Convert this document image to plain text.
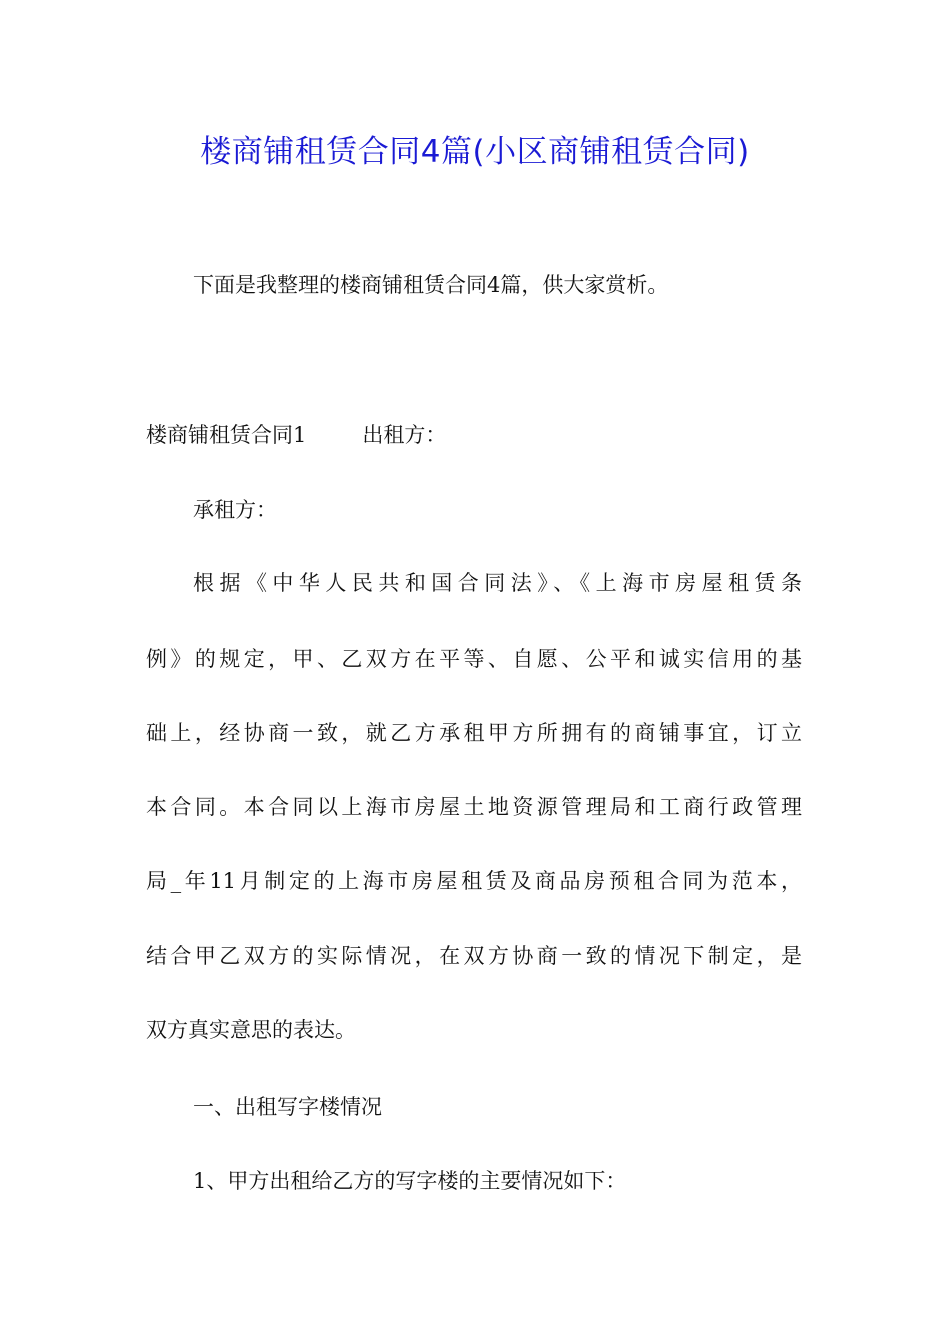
楼商铺租赁合同4篇(小区商铺租赁合同)
下面是我整理的楼商铺租赁合同4篇，供大家赏析。
楼商铺租赁合同1	出租方：
承租方：
根据《中华人民共和国合同法》、《上海市房屋租赁条
例》的规定，甲、乙双方在平等、自愿、公平和诚实信用的基
础上，经协商一致，就乙方承租甲方所拥有的商铺事宜，订立
本合同。本合同以上海市房屋土地资源管理局和工商行政管理
局_年11月制定的上海市房屋租赁及商品房预租合同为范本，
结合甲乙双方的实际情况，在双方协商一致的情况下制定，是
双方真实意思的表达。
一、出租写字楼情况
1、甲方出租给乙方的写字楼的主要情况如下：
